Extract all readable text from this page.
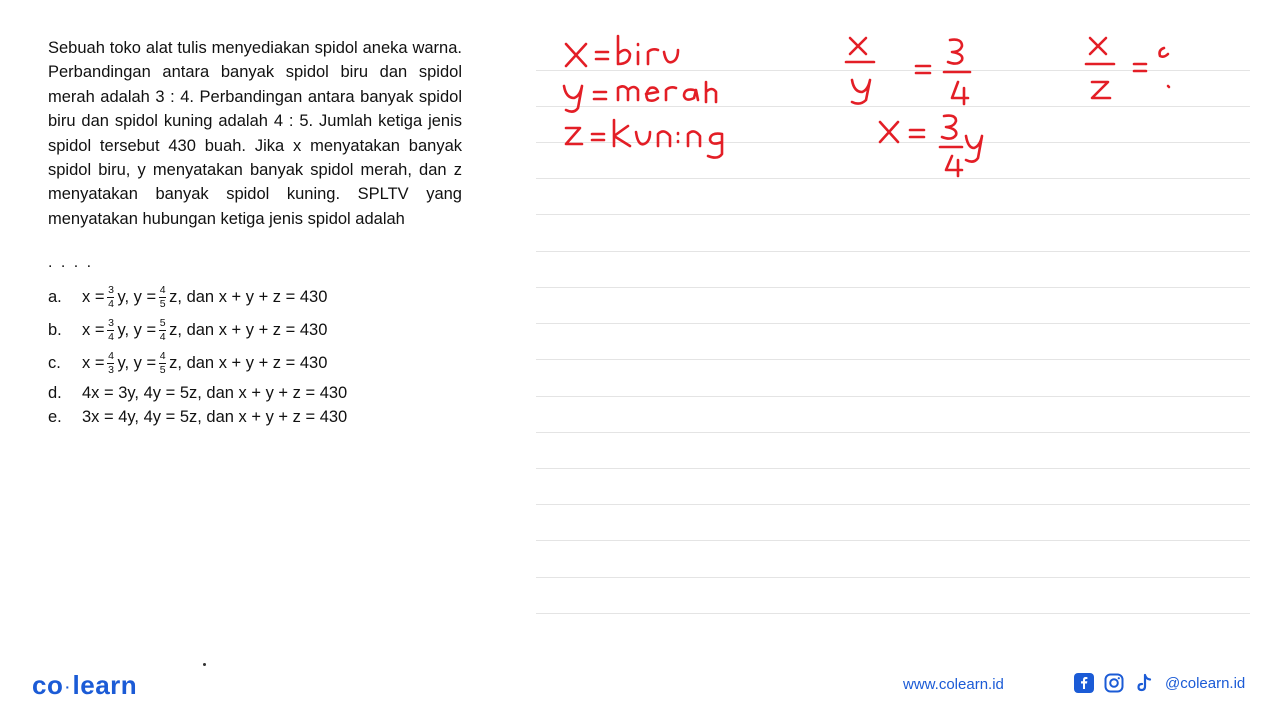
Sebuah toko alat tulis menyediakan spidol aneka warna. Perbandingan antara banyak spidol biru dan spidol merah adalah 3 : 4. Perbandingan antara banyak spidol biru dan spidol kuning adalah 4 : 5. Jumlah ketiga jenis spidol tersebut 430 buah. Jika x menyatakan banyak spidol biru, y menyatakan banyak spidol merah, dan z menyatakan banyak spidol kuning. SPLTV yang menyatakan hubungan ketiga jenis spidol adalah

. . . .
a.	$x = \frac{3}{4} y$, $y = \frac{4}{5} z$, dan x + y + z = 430
b.	$x = \frac{3}{4} y$, $y = \frac{5}{4} z$, dan x + y + z = 430
c.	$x = \frac{4}{3} y$, $y = \frac{4}{5} z$, dan x + y + z = 430
d.	4x = 3y, 4y = 5z, dan x + y + z = 430
e.	3x = 4y, 4y = 5z, dan x + y + z = 430
co ·learn	www.colearn.id	@colearn.id
